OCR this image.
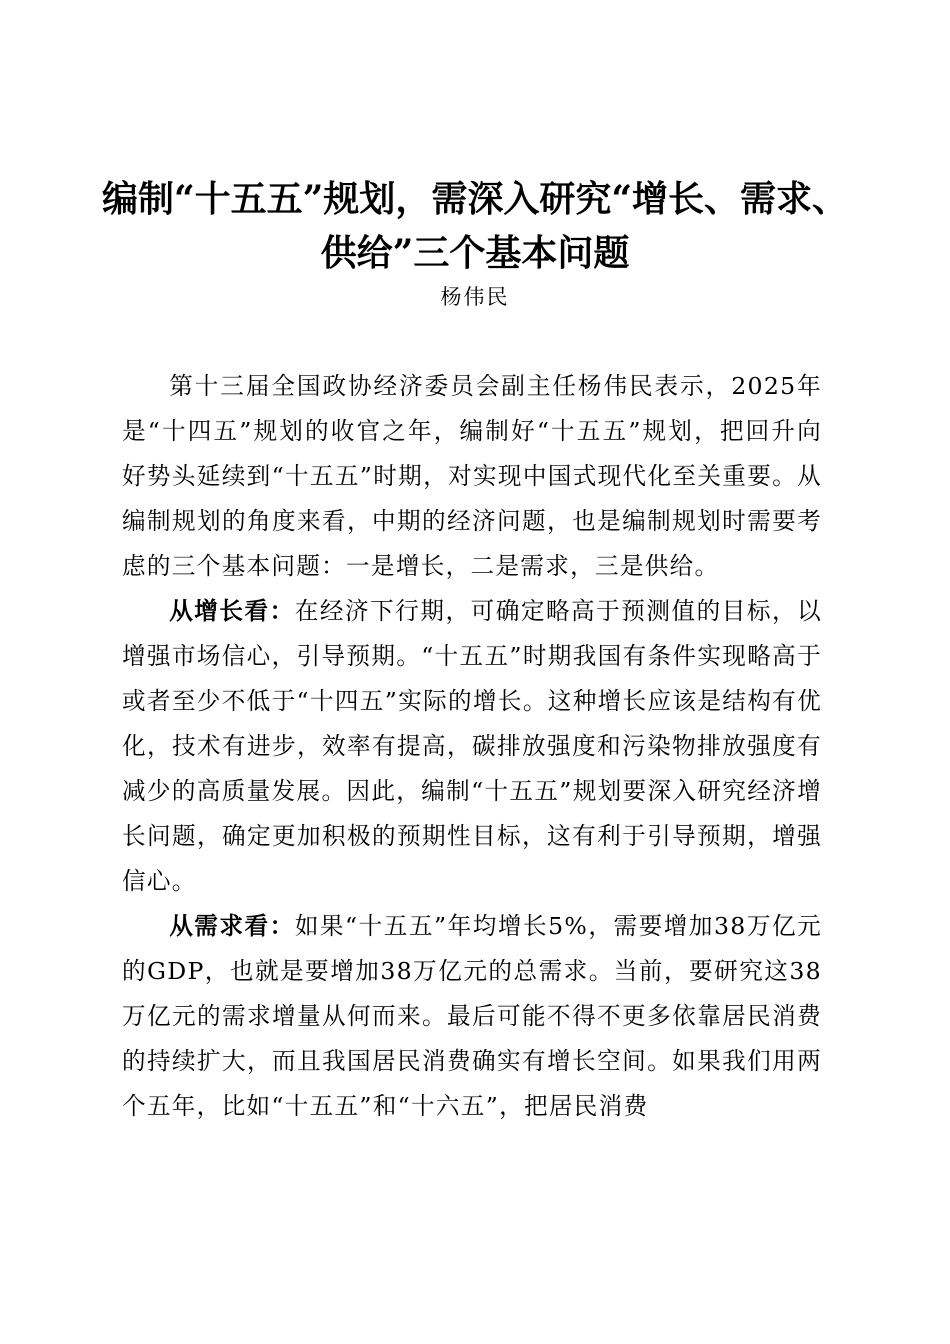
编制“十五五”规划，需深入研究“增长、需求、供给”三个基本问题
杨伟民

第十三届全国政协经济委员会副主任杨伟民表示，2025年是“十四五”规划的收官之年，编制好“十五五”规划，把回升向好势头延续到“十五五”时期，对实现中国式现代化至关重要。从编制规划的角度来看，中期的经济问题，也是编制规划时需要考虑的三个基本问题：一是增长，二是需求，三是供给。

从增长看：在经济下行期，可确定略高于预测值的目标，以增强市场信心，引导预期。“十五五”时期我国有条件实现略高于或者至少不低于“十四五”实际的增长。这种增长应该是结构有优化，技术有进步，效率有提高，碳排放强度和污染物排放强度有减少的高质量发展。因此，编制“十五五”规划要深入研究经济增长问题，确定更加积极的预期性目标，这有利于引导预期，增强信心。

从需求看：如果“十五五”年均增长5%，需要增加38万亿元的GDP，也就是要增加38万亿元的总需求。当前，要研究这38万亿元的需求增量从何而来。最后可能不得不更多依靠居民消费的持续扩大，而且我国居民消费确实有增长空间。如果我们用两个五年，比如“十五五”和“十六五”，把居民消费
